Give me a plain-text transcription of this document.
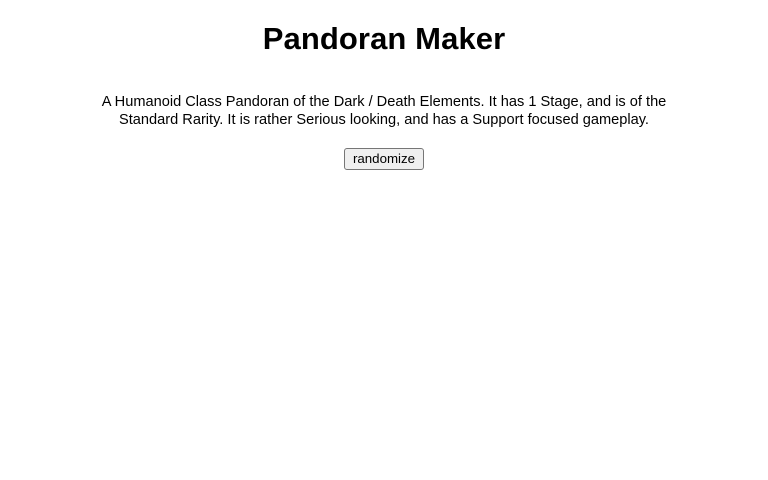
Pandoran Maker

A Humanoid Class Pandoran of the Dark / Death Elements. It has 1 Stage, and is of the Standard Rarity. It is rather Serious looking, and has a Support focused gameplay.

randomize
